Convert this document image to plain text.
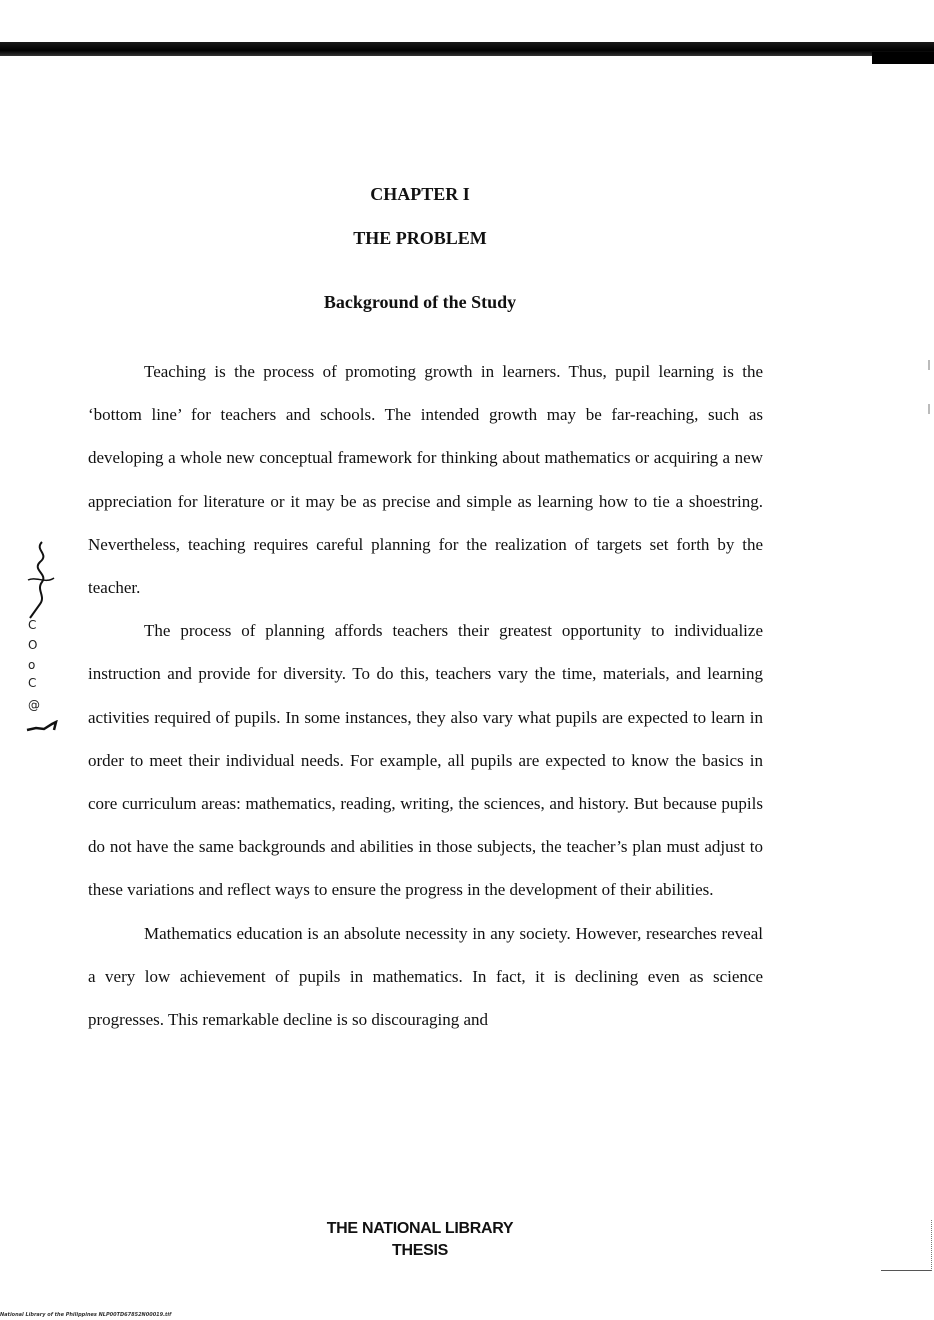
CHAPTER I
THE PROBLEM
Background of the Study

Teaching is the process of promoting growth in learners. Thus, pupil learning is the ‘bottom line’ for teachers and schools. The intended growth may be far-reaching, such as developing a whole new conceptual framework for thinking about mathematics or acquiring a new appreciation for literature or it may be as precise and simple as learning how to tie a shoestring. Nevertheless, teaching requires careful planning for the realization of targets set forth by the teacher.

The process of planning affords teachers their greatest opportunity to individualize instruction and provide for diversity. To do this, teachers vary the time, materials, and learning activities required of pupils. In some instances, they also vary what pupils are expected to learn in order to meet their individual needs. For example, all pupils are expected to know the basics in core curriculum areas: mathematics, reading, writing, the sciences, and history. But because pupils do not have the same backgrounds and abilities in those subjects, the teacher’s plan must adjust to these variations and reflect ways to ensure the progress in the development of their abilities.

Mathematics education is an absolute necessity in any society. However, researches reveal a very low achievement of pupils in mathematics. In fact, it is declining even as science progresses. This remarkable decline is so discouraging and

C
O
o
C
@
THE NATIONAL LIBRARY
THESIS
National Library of the Philippines NLP00TD67852N00019.tif
